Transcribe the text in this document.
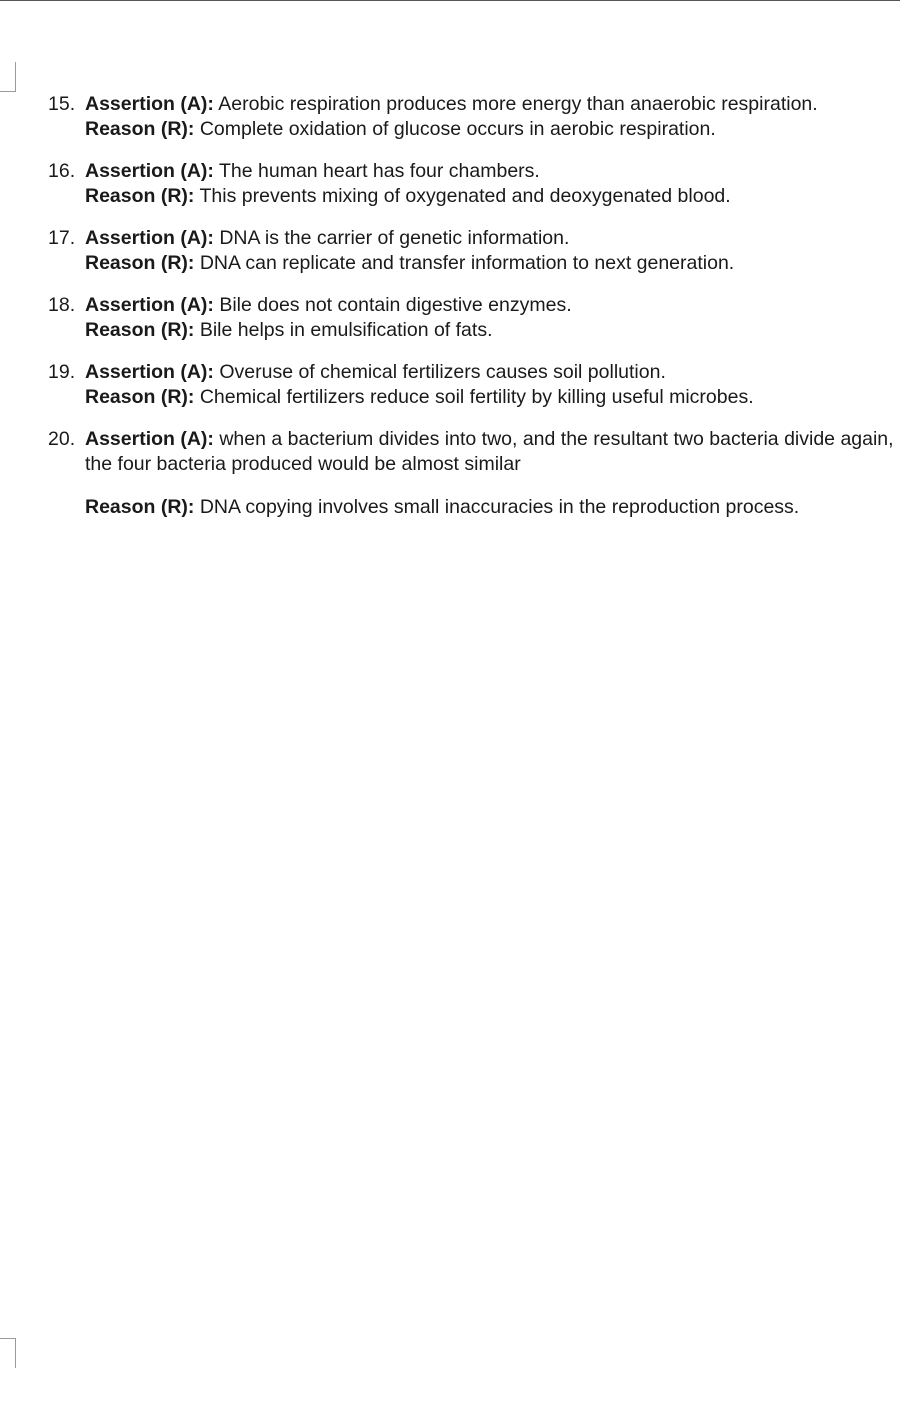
15. Assertion (A): Aerobic respiration produces more energy than anaerobic respiration.
Reason (R): Complete oxidation of glucose occurs in aerobic respiration.
16. Assertion (A): The human heart has four chambers.
Reason (R): This prevents mixing of oxygenated and deoxygenated blood.
17. Assertion (A): DNA is the carrier of genetic information.
Reason (R): DNA can replicate and transfer information to next generation.
18. Assertion (A): Bile does not contain digestive enzymes.
Reason (R): Bile helps in emulsification of fats.
19. Assertion (A): Overuse of chemical fertilizers causes soil pollution.
Reason (R): Chemical fertilizers reduce soil fertility by killing useful microbes.
20. Assertion (A): when a bacterium divides into two, and the resultant two bacteria divide again, the four bacteria produced would be almost similar
Reason (R): DNA copying involves small inaccuracies in the reproduction process.
